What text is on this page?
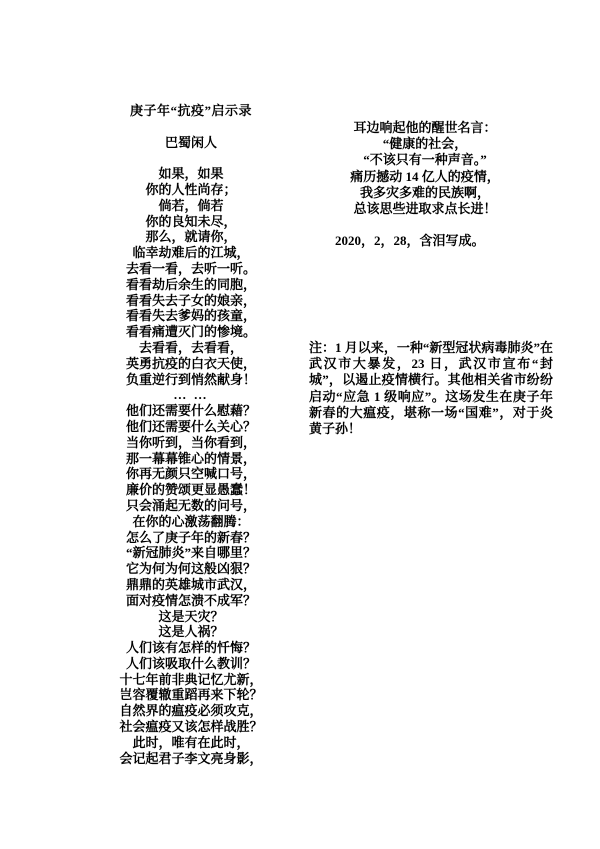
庚子年“抗疫”启示录
巴蜀闲人
如果，如果
你的人性尚存；
倘若，倘若
你的良知未尽，
那么，就请你，
临幸劫难后的江城，
去看一看，去听一听。
看看劫后余生的同胞，
看看失去子女的娘亲，
看看失去爹妈的孩童，
看看痛遭灭门的惨境。
去看看，去看看，
英勇抗疫的白衣天使，
负重逆行到悄然献身！
… …
他们还需要什么慰藉？
他们还需要什么关心？
当你听到，当你看到，
那一幕幕锥心的情景，
你再无颜只空喊口号，
廉价的赞颂更显愚蠢！
只会涌起无数的问号，
在你的心激荡翻腾：
怎么了庚子年的新春？
“新冠肺炎”来自哪里？
它为何为何这般凶狠？
鼎鼎的英雄城市武汉，
面对疫情怎溃不成军？
这是天灾？
这是人祸？
人们该有怎样的忏悔？
人们该吸取什么教训？
十七年前非典记忆尤新，
岂容覆辙重蹈再来下轮？
自然界的瘟疫必须攻克，
社会瘟疫又该怎样战胜？
此时，唯有在此时，
会记起君子李文亮身影，
耳边响起他的醒世名言：
“健康的社会，
“不该只有一种声音。”
痛历撼动 14 亿人的疫情，
我多灾多难的民族啊，
总该思些进取求点长进！
2020，2，28，含泪写成。
注：1 月以来，一种“新型冠状病毒肺炎”在武汉市大暴发，23 日，武汉市宣布“封城”，以遏止疫情横行。其他相关省市纷纷启动“应急 1 级响应”。这场发生在庚子年新春的大瘟疫，堪称一场“国难”，对于炎黄子孙！
